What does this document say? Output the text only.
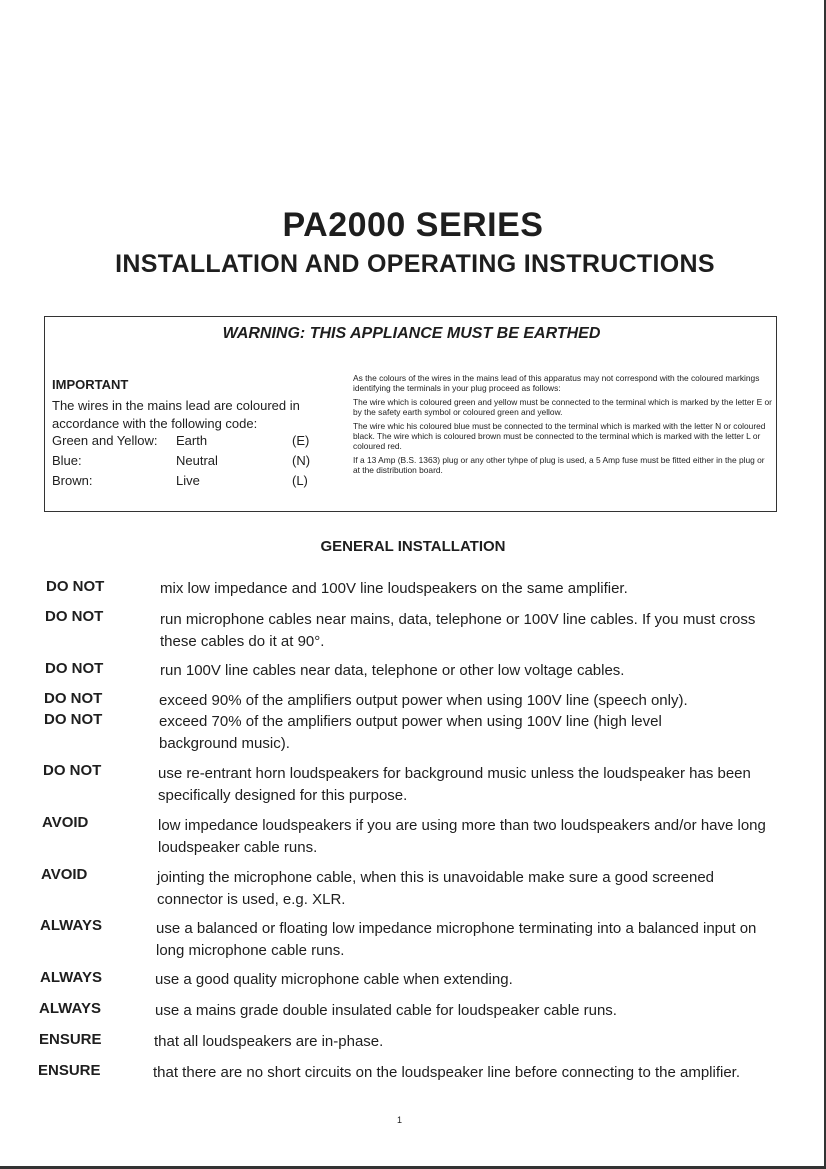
PA2000 SERIES
INSTALLATION AND OPERATING INSTRUCTIONS
WARNING: THIS APPLIANCE MUST BE EARTHED
IMPORTANT
The wires in the mains lead are coloured in accordance with the following code:
Green and Yellow: Earth	(E)
Blue:	Neutral	(N)
Brown:	Live	(L)

As the colours of the wires in the mains lead of this apparatus may not correspond with the coloured markings identifying the terminals in your plug proceed as follows:

The wire which is coloured green and yellow must be connected to the terminal which is marked by the letter E or by the safety earth symbol or coloured green and yellow.

The wire whic his coloured blue must be connected to the terminal which is marked with the letter N or coloured black. The wire which is coloured brown must be connected to the terminal which is marked with the letter L or coloured red.

If a 13 Amp (B.S. 1363) plug or any other tyhpe of plug is used, a 5 Amp fuse must be fitted either in the plug or at the distribution board.

GENERAL INSTALLATION
DO NOT	mix low impedance and 100V line loudspeakers on the same amplifier.
DO NOT	run microphone cables near mains, data, telephone or 100V line cables. If you must cross these cables do it at 90°.
DO NOT	run 100V line cables near data, telephone or other low voltage cables.
DO NOT	exceed 90% of the amplifiers output power when using 100V line (speech only).
DO NOT	exceed 70% of the amplifiers output power when using 100V line (high level background music).
DO NOT	use re-entrant horn loudspeakers for background music unless the loudspeaker has been specifically designed for this purpose.
AVOID	low impedance loudspeakers if you are using more than two loudspeakers and/or have long loudspeaker cable runs.
AVOID	jointing the microphone cable, when this is unavoidable make sure a good screened connector is used, e.g. XLR.
ALWAYS	use a balanced or floating low impedance microphone terminating into a balanced input on long microphone cable runs.
ALWAYS	use a good quality microphone cable when extending.
ALWAYS	use a mains grade double insulated cable for loudspeaker cable runs.
ENSURE	that all loudspeakers are in-phase.
ENSURE	that there are no short circuits on the loudspeaker line before connecting to the amplifier.
1
